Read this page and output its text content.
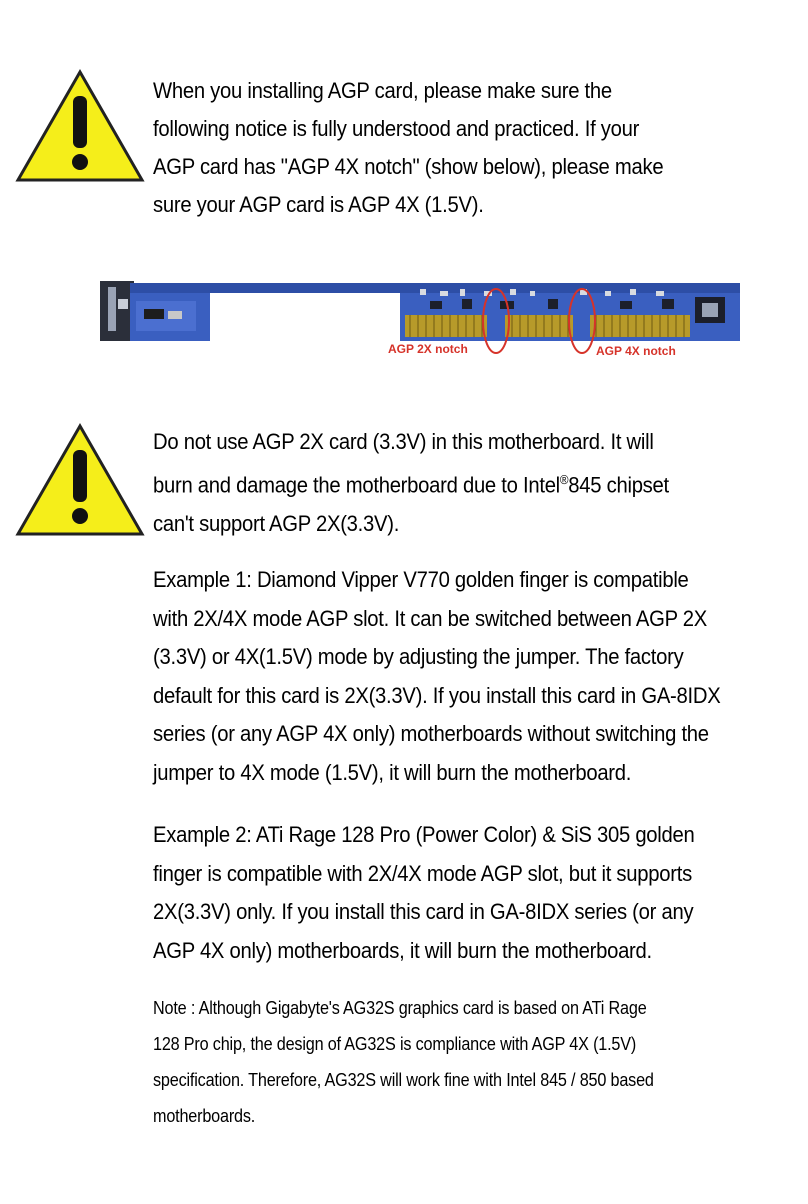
When you installing AGP card, please make sure the
following notice is fully understood and practiced. If your
AGP card has "AGP 4X notch" (show below), please make
sure your AGP card is AGP 4X (1.5V).
AGP 2X notch	AGP 4X notch
Do not use AGP 2X card (3.3V) in this motherboard. It will
burn and damage the motherboard due to Intel®845 chipset
can't support AGP 2X(3.3V).
Example 1: Diamond Vipper V770 golden finger is compatible
with 2X/4X mode AGP slot. It can be switched between AGP 2X
(3.3V) or 4X(1.5V) mode by adjusting the jumper. The factory
default for this card is 2X(3.3V). If you install this card in GA-8IDX
series (or any AGP 4X only) motherboards without switching the
jumper to 4X mode (1.5V), it will burn the motherboard.
Example 2: ATi Rage 128 Pro (Power Color) & SiS 305 golden
finger is compatible with 2X/4X mode AGP slot, but it supports
2X(3.3V) only. If you install this card in GA-8IDX series (or any
AGP 4X only) motherboards, it will burn the motherboard.
Note : Although Gigabyte's AG32S graphics card is based on ATi Rage
128 Pro chip, the design of AG32S is compliance with AGP 4X (1.5V)
specification. Therefore, AG32S will work fine with Intel 845 / 850 based
motherboards.
